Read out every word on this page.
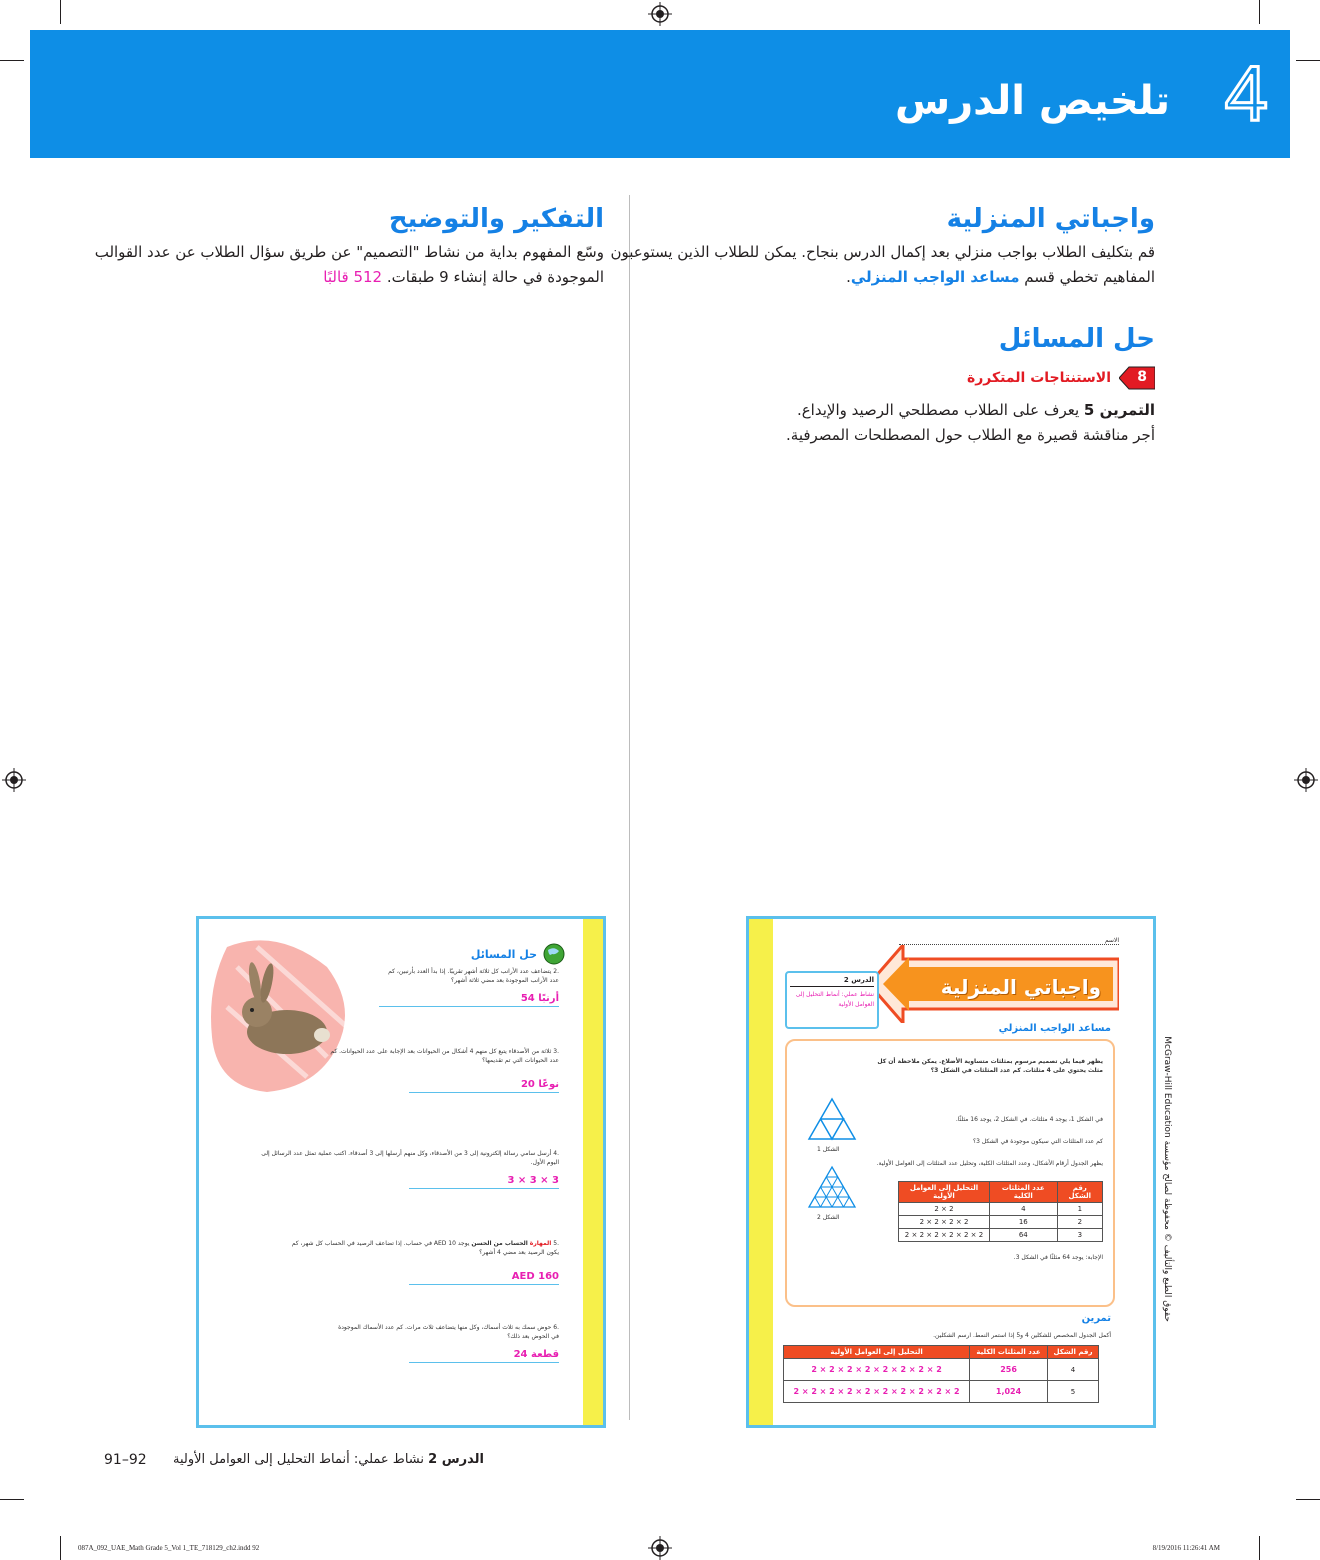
تلخيص الدرس 4
واجباتي المنزلية
قم بتكليف الطلاب بواجب منزلي بعد إكمال الدرس بنجاح. يمكن للطلاب الذين يستوعبون
المفاهيم تخطي قسم مساعد الواجب المنزلي.
حل المسائل
8
الاستنتاجات المتكررة
التمرين 5 يعرف على الطلاب مصطلحي الرصيد والإيداع.
أجر مناقشة قصيرة مع الطلاب حول المصطلحات المصرفية.
التفكير والتوضيح
وسّع المفهوم بداية من نشاط "التصميم" عن طريق سؤال الطلاب عن عدد القوالب
الموجودة في حالة إنشاء 9 طبقات. 512 قالبًا
حل المسائل
.2 يتضاعف عدد الأرانب كل ثلاثة أشهر تقريبًا. إذا بدأ العدد بأرنبين، كم عدد الأرانب الموجودة بعد مضي ثلاثة أشهر؟
54 أرنبًا
.3 ثلاثة من الأصدقاء يتبع كل منهم 4 أشكال من الحيوانات بعد الإجابة على عدد الحيوانات. كم عدد الحيوانات التي تم تقديمها؟
20 نوعًا
.4 أرسل سامي رسالة إلكترونية إلى 3 من الأصدقاء، وكل منهم أرسلها إلى 3 أصدقاء. اكتب عملية تمثل عدد الرسائل إلى اليوم الأول.
3 × 3 × 3
.5 المهارة الحساب من الحسن يوجد AED 10 في حساب. إذا تضاعف الرصيد في الحساب كل شهر، كم يكون الرصيد بعد مضي 4 أشهر؟
AED 160
.6 حوض سمك به ثلاث أسماك، وكل منها يتضاعف ثلاث مرات. كم عدد الأسماك الموجودة في الحوض بعد ذلك؟
24 قطعة
الاسم
واجباتي المنزلية
الدرس 2
نشاط عملي: أنماط التحليل إلى العوامل الأولية
مساعد الواجب المنزلي
يظهر فيما يلي تصميم مرسوم بمثلثات متساوية الأضلاع. يمكن ملاحظة أن كل مثلث يحتوي على 4 مثلثات. كم عدد المثلثات في الشكل 3؟
الشكل 1
الشكل 2
في الشكل 1، يوجد 4 مثلثات. في الشكل 2، يوجد 16 مثلثًا.
كم عدد المثلثات التي سيكون موجودة في الشكل 3؟
يظهر الجدول أرقام الأشكال، وعدد المثلثات الكلية، وتحليل عدد المثلثات إلى العوامل الأولية.
رقم الشكل	عدد المثلثات الكلية	التحليل إلى العوامل الأولية
1	4	2 × 2
2	16	2 × 2 × 2 × 2
3	64	2 × 2 × 2 × 2 × 2 × 2
الإجابة: يوجد 64 مثلثًا في الشكل 3.
تمرين
أكمل الجدول المخصص للشكلين 4 و5 إذا استمر النمط. ارسم الشكلين.
رقم الشكل	عدد المثلثات الكلية	التحليل إلى العوامل الأولية
4	256	2 × 2 × 2 × 2 × 2 × 2 × 2 × 2
5	1,024	2 × 2 × 2 × 2 × 2 × 2 × 2 × 2 × 2 × 2
حقوق الطبع والتأليف © محفوظة لصالح مؤسسة McGraw-Hill Education
91–92	الدرس 2 نشاط عملي: أنماط التحليل إلى العوامل الأولية
087A_092_UAE_Math Grade 5_Vol 1_TE_718129_ch2.indd 92	8/19/2016 11:26:41 AM
